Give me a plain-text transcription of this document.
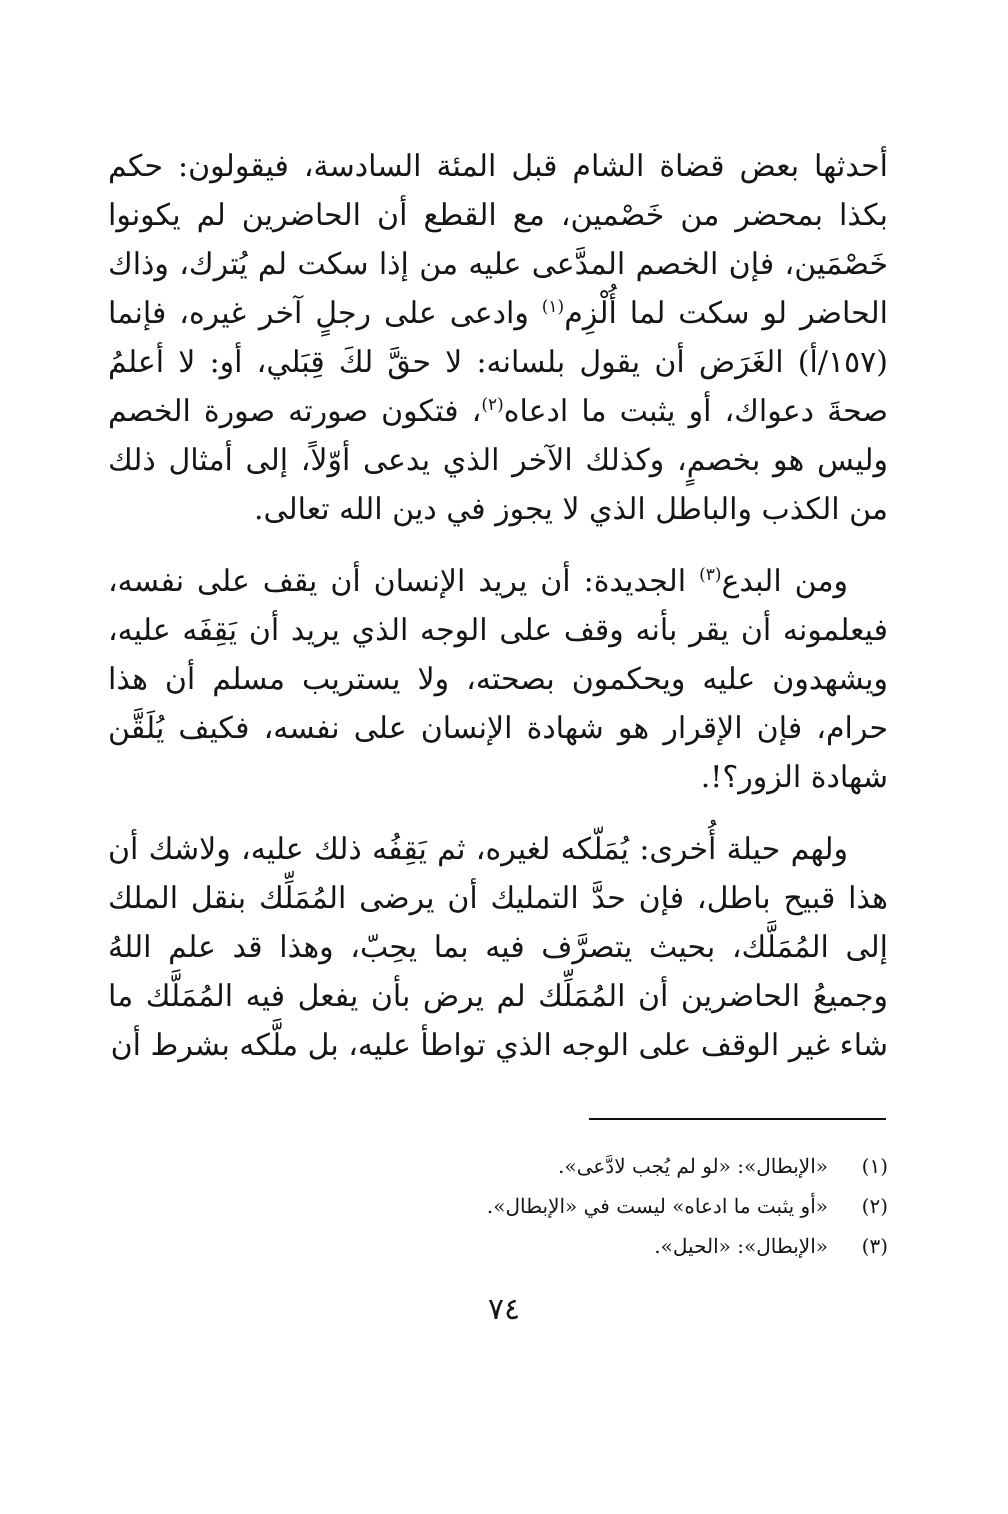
أحدثها بعض قضاة الشام قبل المئة السادسة، فيقولون: حكم بكذا بمحضر من خَصْمين، مع القطع أن الحاضرين لم يكونوا خَصْمَين، فإن الخصم المدَّعى عليه من إذا سكت لم يُترك، وذاك الحاضر لو سكت لما أُلْزِم$^{(١)}$ وادعى على رجلٍ آخر غيره، فإنما (١٥٧/أ) الغَرَض أن يقول بلسانه: لا حقَّ لكَ قِبَلي، أو: لا أعلمُ صحةَ دعواك، أو يثبت ما ادعاه$^{(٢)}$، فتكون صورته صورة الخصم وليس هو بخصمٍ، وكذلك الآخر الذي يدعى أوّلاً، إلى أمثال ذلك من الكذب والباطل الذي لا يجوز في دين الله تعالى.

ومن البدع$^{(٣)}$ الجديدة: أن يريد الإنسان أن يقف على نفسه، فيعلمونه أن يقر بأنه وقف على الوجه الذي يريد أن يَقِفَه عليه، ويشهدون عليه ويحكمون بصحته، ولا يستريب مسلم أن هذا حرام، فإن الإقرار هو شهادة الإنسان على نفسه، فكيف يُلَقَّن شهادة الزور؟!.

ولهم حيلة أُخرى: يُمَلّكه لغيره، ثم يَقِفُه ذلك عليه، ولاشك أن هذا قبيح باطل، فإن حدَّ التمليك أن يرضى المُمَلِّك بنقل الملك إلى المُمَلَّك، بحيث يتصرَّف فيه بما يحِبّ، وهذا قد علم اللهُ وجميعُ الحاضرين أن المُمَلِّك لم يرض بأن يفعل فيه المُمَلَّك ما شاء غير الوقف على الوجه الذي تواطأ عليه، بل ملَّكه بشرط أن

(١)«الإبطال»: «لو لم يُجب لادَّعى».

(٢)«أو يثبت ما ادعاه» ليست في «الإبطال».

(٣)«الإبطال»: «الحيل».

٧٤
